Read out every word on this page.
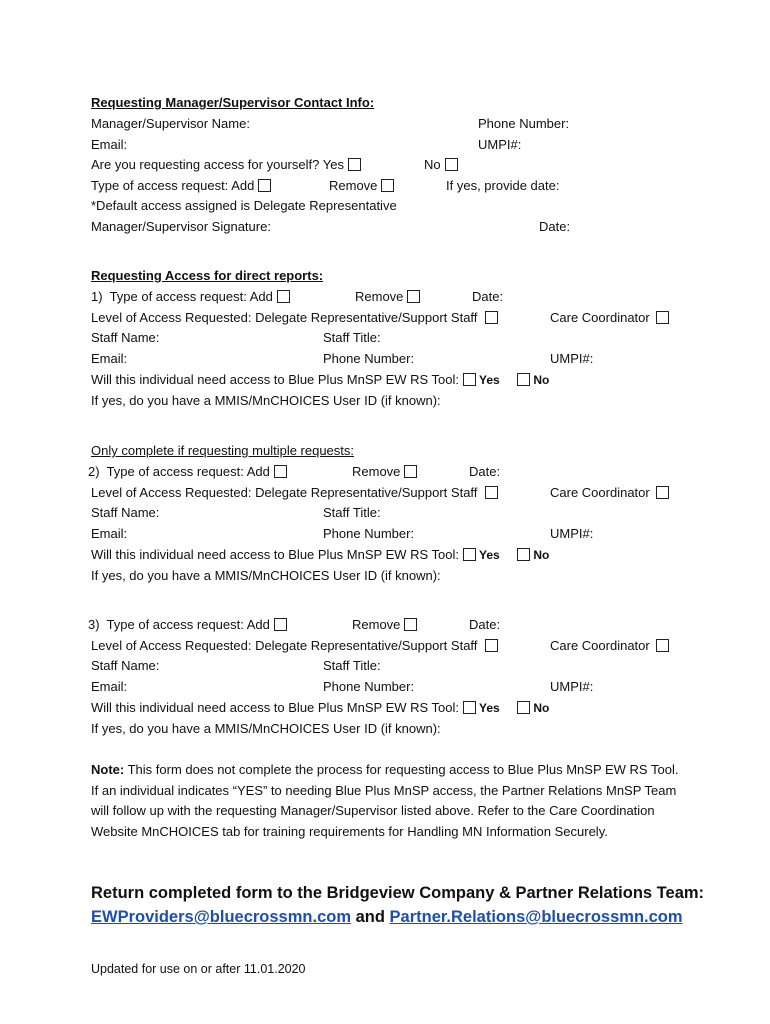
Requesting Manager/Supervisor Contact Info:
Manager/Supervisor Name:	Phone Number:
Email:	UMPI#:
Are you requesting access for yourself? Yes	No
Type of access request: Add	Remove	If yes, provide date:
*Default access assigned is Delegate Representative
Manager/Supervisor Signature:	Date:
Requesting Access for direct reports:
Only complete if requesting multiple requests:
1) Type of access request: Add	Remove	Date:
Level of Access Requested: Delegate Representative/Support Staff	Care Coordinator
Staff Name:	Staff Title:
Email:	Phone Number:	UMPI#:
Will this individual need access to Blue Plus MnSP EW RS Tool: Yes	No
If yes, do you have a MMIS/MnCHOICES User ID (if known):
2) Type of access request: Add	Remove	Date:
Level of Access Requested: Delegate Representative/Support Staff	Care Coordinator
Staff Name:	Staff Title:
Email:	Phone Number:	UMPI#:
Will this individual need access to Blue Plus MnSP EW RS Tool: Yes	No
If yes, do you have a MMIS/MnCHOICES User ID (if known):
3) Type of access request: Add	Remove	Date:
Level of Access Requested: Delegate Representative/Support Staff	Care Coordinator
Staff Name:	Staff Title:
Email:	Phone Number:	UMPI#:
Will this individual need access to Blue Plus MnSP EW RS Tool: Yes	No
If yes, do you have a MMIS/MnCHOICES User ID (if known):
Note: This form does not complete the process for requesting access to Blue Plus MnSP EW RS Tool. If an individual indicates “YES” to needing Blue Plus MnSP access, the Partner Relations MnSP Team will follow up with the requesting Manager/Supervisor listed above. Refer to the Care Coordination Website MnCHOICES tab for training requirements for Handling MN Information Securely.
Return completed form to the Bridgeview Company & Partner Relations Team:
EWProviders@bluecrossmn.com and Partner.Relations@bluecrossmn.com
Updated for use on or after 11.01.2020
